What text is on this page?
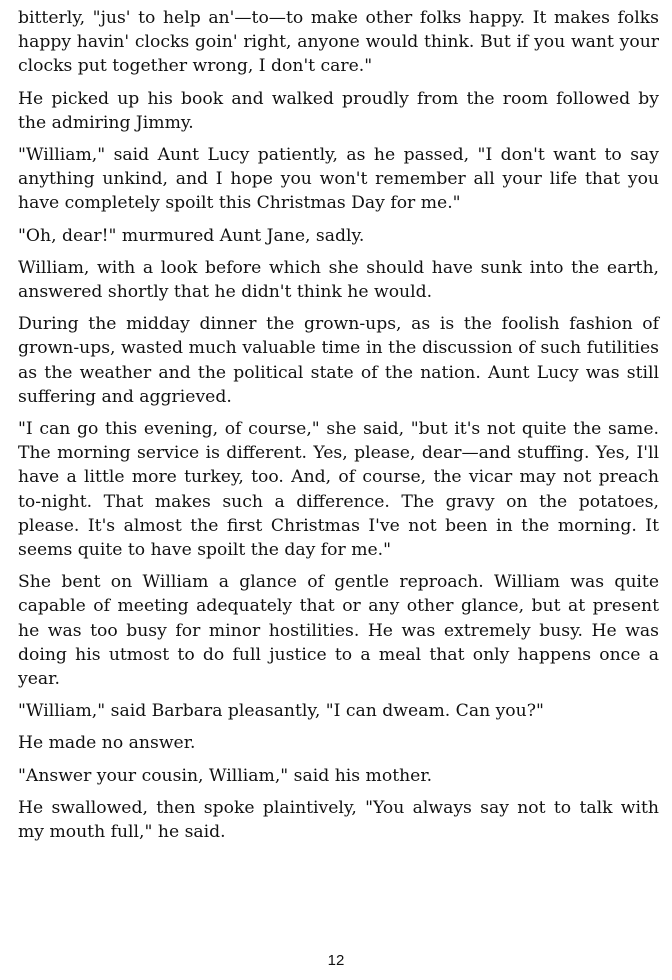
bitterly, "jus' to help an'—to—to make other folks happy. It makes folks happy havin' clocks goin' right, anyone would think. But if you want your clocks put together wrong, I don't care."

He picked up his book and walked proudly from the room followed by the admiring Jimmy.

"William," said Aunt Lucy patiently, as he passed, "I don't want to say anything unkind, and I hope you won't remember all your life that you have completely spoilt this Christmas Day for me."

"Oh, dear!" murmured Aunt Jane, sadly.

William, with a look before which she should have sunk into the earth, answered shortly that he didn't think he would.

During the midday dinner the grown-ups, as is the foolish fashion of grown-ups, wasted much valuable time in the discussion of such futilities as the weather and the political state of the nation. Aunt Lucy was still suffering and aggrieved.

"I can go this evening, of course," she said, "but it's not quite the same. The morning service is different. Yes, please, dear—and stuffing. Yes, I'll have a little more turkey, too. And, of course, the vicar may not preach to-night. That makes such a difference. The gravy on the potatoes, please. It's almost the first Christmas I've not been in the morning. It seems quite to have spoilt the day for me."

She bent on William a glance of gentle reproach. William was quite capable of meeting adequately that or any other glance, but at present he was too busy for minor hostilities. He was extremely busy. He was doing his utmost to do full justice to a meal that only happens once a year.

"William," said Barbara pleasantly, "I can dweam. Can you?"

He made no answer.

"Answer your cousin, William," said his mother.

He swallowed, then spoke plaintively, "You always say not to talk with my mouth full," he said.

12
